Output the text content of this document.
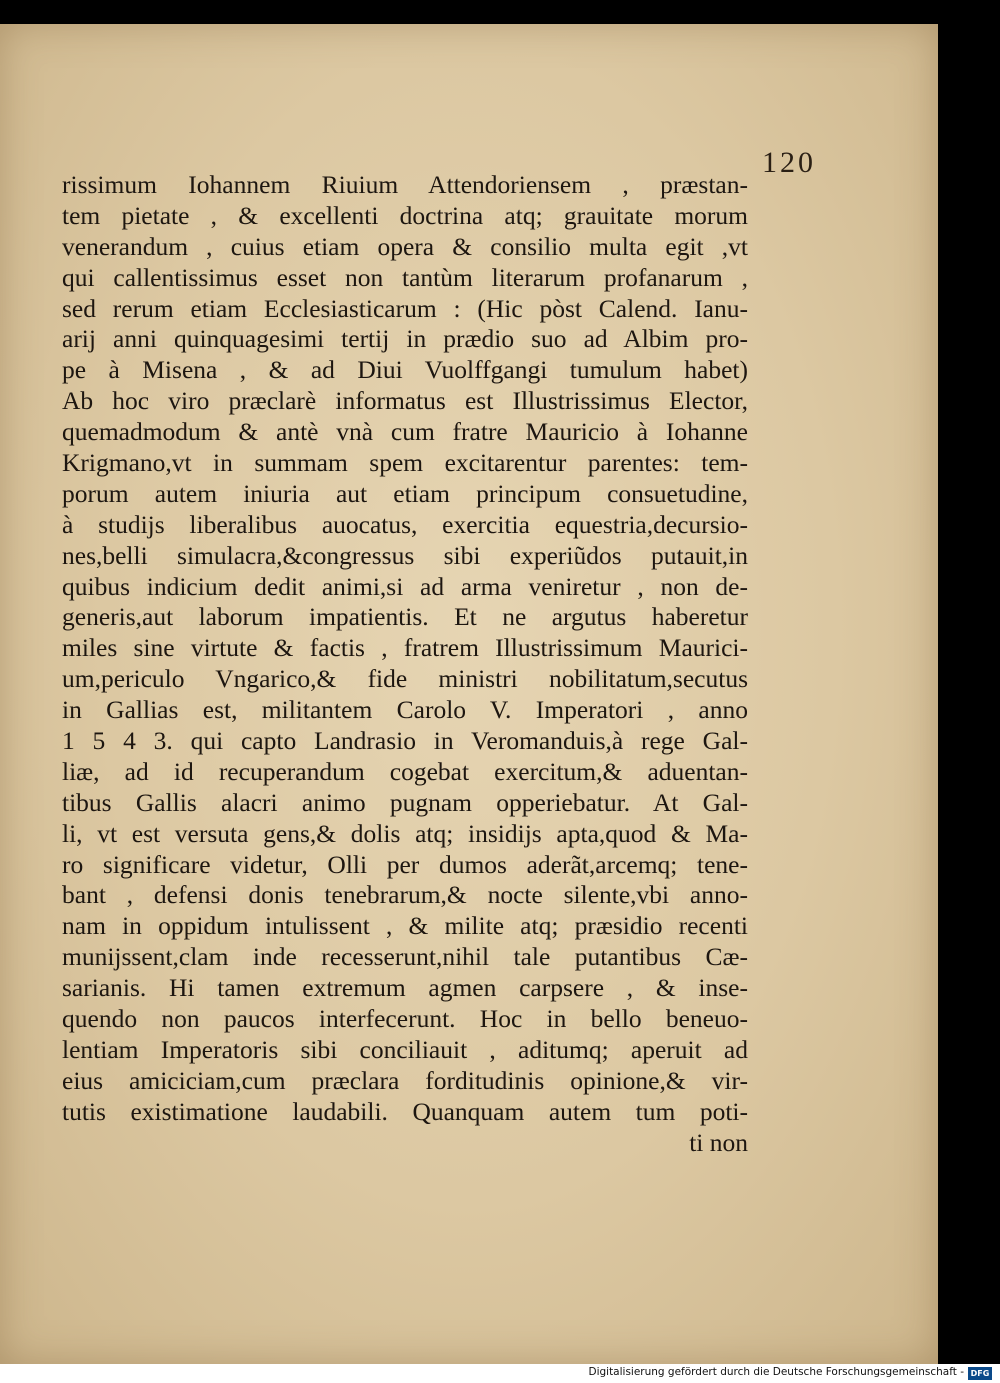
120
rissimum Iohannem Riuium Attendoriensem , præstan-
tem pietate , & excellenti doctrina atq; grauitate morum
venerandum , cuius etiam opera & consilio multa egit ,vt
qui callentissimus esset non tantùm literarum profanarum ,
sed rerum etiam Ecclesiasticarum : (Hic pòst Calend. Ianu-
arij anni quinquagesimi tertij in prædio suo ad Albim pro-
pe à Misena , & ad Diui Vuolffgangi tumulum habet)
Ab hoc viro præclarè informatus est Illustrissimus Elector,
quemadmodum & antè vnà cum fratre Mauricio à Iohanne
Krigmano,vt in summam spem excitarentur parentes: tem-
porum autem iniuria aut etiam principum consuetudine,
à studijs liberalibus auocatus, exercitia equestria,decursio-
nes,belli simulacra,&congressus sibi experiũdos putauit,in
quibus indicium dedit animi,si ad arma veniretur , non de-
generis,aut laborum impatientis. Et ne argutus haberetur
miles sine virtute & factis , fratrem Illustrissimum Maurici-
um,periculo Vngarico,& fide ministri nobilitatum,secutus
in Gallias est, militantem Carolo V. Imperatori , anno
1 5 4 3. qui capto Landrasio in Veromanduis,à rege Gal-
liæ, ad id recuperandum cogebat exercitum,& aduentan-
tibus Gallis alacri animo pugnam opperiebatur. At Gal-
li, vt est versuta gens,& dolis atq; insidijs apta,quod & Ma-
ro significare videtur, Olli per dumos aderãt,arcemq; tene-
bant , defensi donis tenebrarum,& nocte silente,vbi anno-
nam in oppidum intulissent , & milite atq; præsidio recenti
munijssent,clam inde recesserunt,nihil tale putantibus Cæ-
sarianis. Hi tamen extremum agmen carpsere , & inse-
quendo non paucos interfecerunt. Hoc in bello beneuo-
lentiam Imperatoris sibi conciliauit , aditumq; aperuit ad
eius amiciciam,cum præclara forditudinis opinione,& vir-
tutis existimatione laudabili. Quanquam autem tum poti-
ti non
Digitalisierung gefördert durch die Deutsche Forschungsgemeinschaft - DFG
